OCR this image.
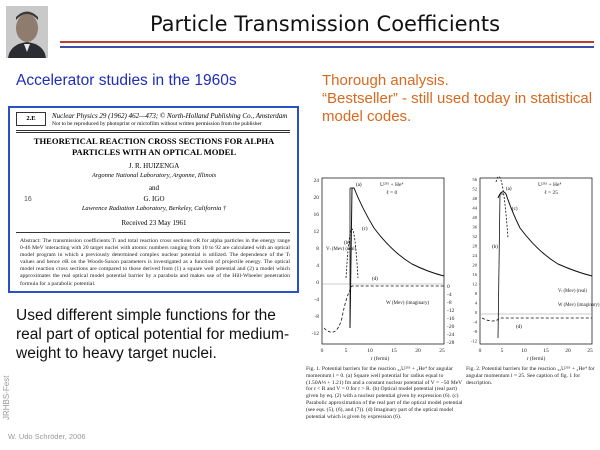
Particle Transmission Coefficients
Accelerator studies in the 1960s	Thorough analysis.
“Bestseller” - still used today in statistical model codes.
2.E	Nuclear Physics 29 (1962) 462—473; © North-Holland Publishing Co., Amsterdam
Not to be reproduced by photoprint or microfilm without written permission from the publisher
THEORETICAL REACTION CROSS SECTIONS FOR ALPHA PARTICLES WITH AN OPTICAL MODEL
J. R. HUIZENGA
Argonne National Laboratory, Argonne, Illinois
and
G. IGO
Lawrence Radiation Laboratory, Berkeley, California †
16
Received 23 May 1961
Abstract: The transmission coefficients Tₗ and total reaction cross sections σR for alpha particles in the energy range 0-46 MeV interacting with 20 target nuclei with atomic numbers ranging from 10 to 92 are calculated with an optical model program in which a previously determined complex nuclear potential is utilized. The dependence of the Tₗ values and hence σR on the Woods-Saxon parameters is investigated as a function of projectile energy. The optical model reaction cross sections are compared to those derived from (1) a square well potential and (2) a model which approximates the real optical model potential barrier by a parabola and makes use of the Hill-Wheeler penetration formula for a parabolic potential.
Used different simple functions for the real part of optical potential for medium-weight to heavy target nuclei.
JRHBS-Fest
W. Udo Schröder, 2006
24
20
16
12
8
4
0
-4
-8
-12
0
-4
-8
-12
-16
-20
-24
-28
0	5	10	15	20	25
r (fermi)
Vₗ (Mev) (real)
W (Mev) (imaginary)
U²³⁵ + He⁴
ℓ = 0
(a)
(b)
(c)
(d)
56
52
48
44
40
36
32
28
24
20
16
12
8
4
0
-4
-8
-12
0	5	10	15	20	25
r (fermi)
U²³⁵ + He⁴
ℓ = 25
Vₗ (Mev) (real)
W (Mev) (imaginary)
(a)
(b)
(c)
(d)
Fig. 1. Potential barriers for the reaction ₃₂U²³⁵ + ₂He⁴ for angular momentum l = 0. (a) Square well potential for radius equal to (1.50A⅓ + 1.21) fm and a constant nuclear potential of V = −50 MeV for r < R and V = 0 for r > R. (b) Optical model potential (real part) given by eq. (2) with a nuclear potential given by expression (6). (c) Parabolic approximation of the real part of the optical model potential (see eqs. (5), (6), and (7)). (d) Imaginary part of the optical model potential which is given by expression (6).
Fig. 2. Potential barriers for the reaction ₃₂U²³⁵ + ₂He⁴ for angular momentum l = 25. See caption of fig. 1 for description.
